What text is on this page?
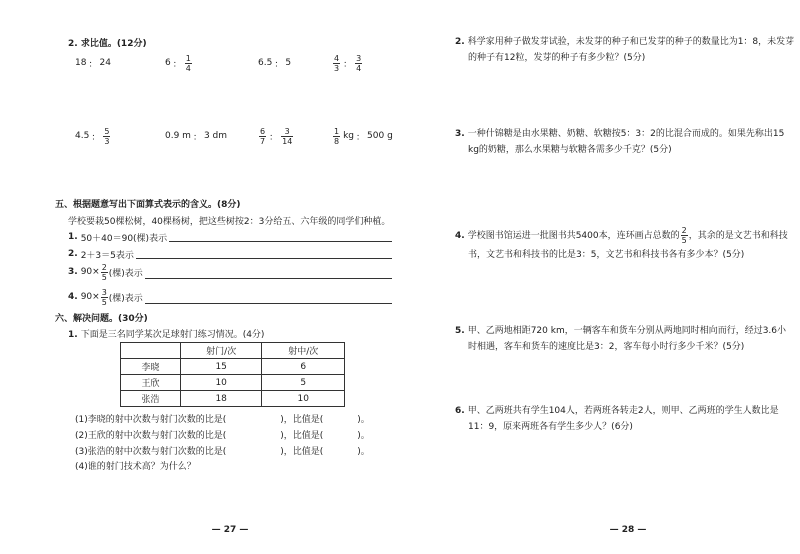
2. 求比值。(12分)
18 ： 24	6 ： $\frac{1}{4}$	6.5 ： 5	$\frac{4}{3}$ ： $\frac{3}{4}$
4.5 ： $\frac{5}{3}$	0.9 m ： 3 dm	$\frac{6}{7}$ ： $\frac{3}{14}$	$\frac{1}{8}$ kg ： 500 g
五、根据题意写出下面算式表示的含义。(8分)
学校要栽50棵松树，40棵杨树，把这些树按2：3分给五、六年级的同学们种植。
1. 50＋40＝90(棵)表示
2. 2＋3＝5表示
3. $90\times \frac{2}{5}$ (棵)表示
4. $90\times \frac{3}{5}$ (棵)表示
六、解决问题。(30分)
1. 下面是三名同学某次足球射门练习情况。(4分)
	射门/次	射中/次
李晓	15	6
王欣	10	5
张浩	18	10
(1)李晓的射中次数与射门次数的比是(	)，比值是(	)。
(2)王欣的射中次数与射门次数的比是(	)，比值是(	)。
(3)张浩的射中次数与射门次数的比是(	)，比值是(	)。
(4)谁的射门技术高？为什么？
— 27 —
2. 科学家用种子做发芽试验，未发芽的种子和已发芽的种子的数量比为1：8，未发芽的种子有12粒，发芽的种子有多少粒？(5分)
3. 一种什锦糖是由水果糖、奶糖、软糖按5：3：2的比混合而成的。如果先称出15 kg的奶糖，那么水果糖与软糖各需多少千克？(5分)
4. 学校图书馆运进一批图书共5400本，连环画占总数的 $\frac{2}{5}$ ，其余的是文艺书和科技书，文艺书和科技书的比是3：5，文艺书和科技书各有多少本？(5分)
5. 甲、乙两地相距720 km，一辆客车和货车分别从两地同时相向而行，经过3.6小时相遇，客车和货车的速度比是3：2，客车每小时行多少千米？(5分)
6. 甲、乙两班共有学生104人，若两班各转走2人，则甲、乙两班的学生人数比是11：9，原来两班各有学生多少人？(6分)
— 28 —
